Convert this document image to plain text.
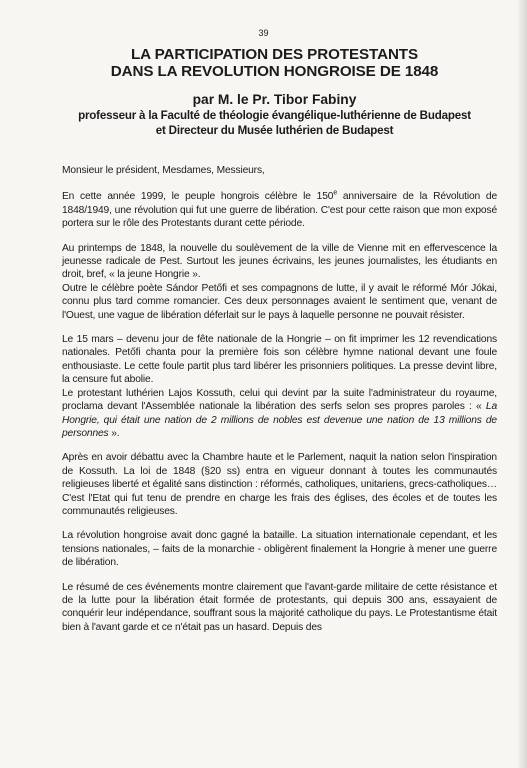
39
LA PARTICIPATION DES PROTESTANTS
DANS LA REVOLUTION HONGROISE DE 1848
par M. le Pr. Tibor Fabiny
professeur à la Faculté de théologie évangélique-luthérienne de Budapest
et Directeur du Musée luthérien de Budapest

Monsieur le président, Mesdames, Messieurs,

En cette année 1999, le peuple hongrois célèbre le 150e anniversaire de la Révolution de 1848/1949, une révolution qui fut une guerre de libération. C'est pour cette raison que mon exposé portera sur le rôle des Protestants durant cette période.

Au printemps de 1848, la nouvelle du soulèvement de la ville de Vienne mit en effervescence la jeunesse radicale de Pest. Surtout les jeunes écrivains, les jeunes journalistes, les étudiants en droit, bref, « la jeune Hongrie ».

Outre le célèbre poète Sándor Petőfi et ses compagnons de lutte, il y avait le réformé Mór Jókai, connu plus tard comme romancier. Ces deux personnages avaient le sentiment que, venant de l'Ouest, une vague de libération déferlait sur le pays à laquelle personne ne pouvait résister.

Le 15 mars – devenu jour de fête nationale de la Hongrie – on fit imprimer les 12 revendications nationales. Petőfi chanta pour la première fois son célèbre hymne national devant une foule enthousiaste. Le cette foule partit plus tard libérer les prisonniers politiques. La presse devint libre, la censure fut abolie.

Le protestant luthérien Lajos Kossuth, celui qui devint par la suite l'administrateur du royaume, proclama devant l'Assemblée nationale la libération des serfs selon ses propres paroles : « La Hongrie, qui était une nation de 2 millions de nobles est devenue une nation de 13 millions de personnes ».

Après en avoir débattu avec la Chambre haute et le Parlement, naquit la nation selon l'inspiration de Kossuth. La loi de 1848 (§20 ss) entra en vigueur donnant à toutes les communautés religieuses liberté et égalité sans distinction : réformés, catholiques, unitariens, grecs-catholiques… C'est l'Etat qui fut tenu de prendre en charge les frais des églises, des écoles et de toutes les communautés religieuses.

La révolution hongroise avait donc gagné la bataille. La situation internationale cependant, et les tensions nationales, – faits de la monarchie - obligèrent finalement la Hongrie à mener une guerre de libération.

Le résumé de ces événements montre clairement que l'avant-garde militaire de cette résistance et de la lutte pour la libération était formée de protestants, qui depuis 300 ans, essayaient de conquérir leur indépendance, souffrant sous la majorité catholique du pays. Le Protestantisme était bien à l'avant garde et ce n'était pas un hasard. Depuis des
